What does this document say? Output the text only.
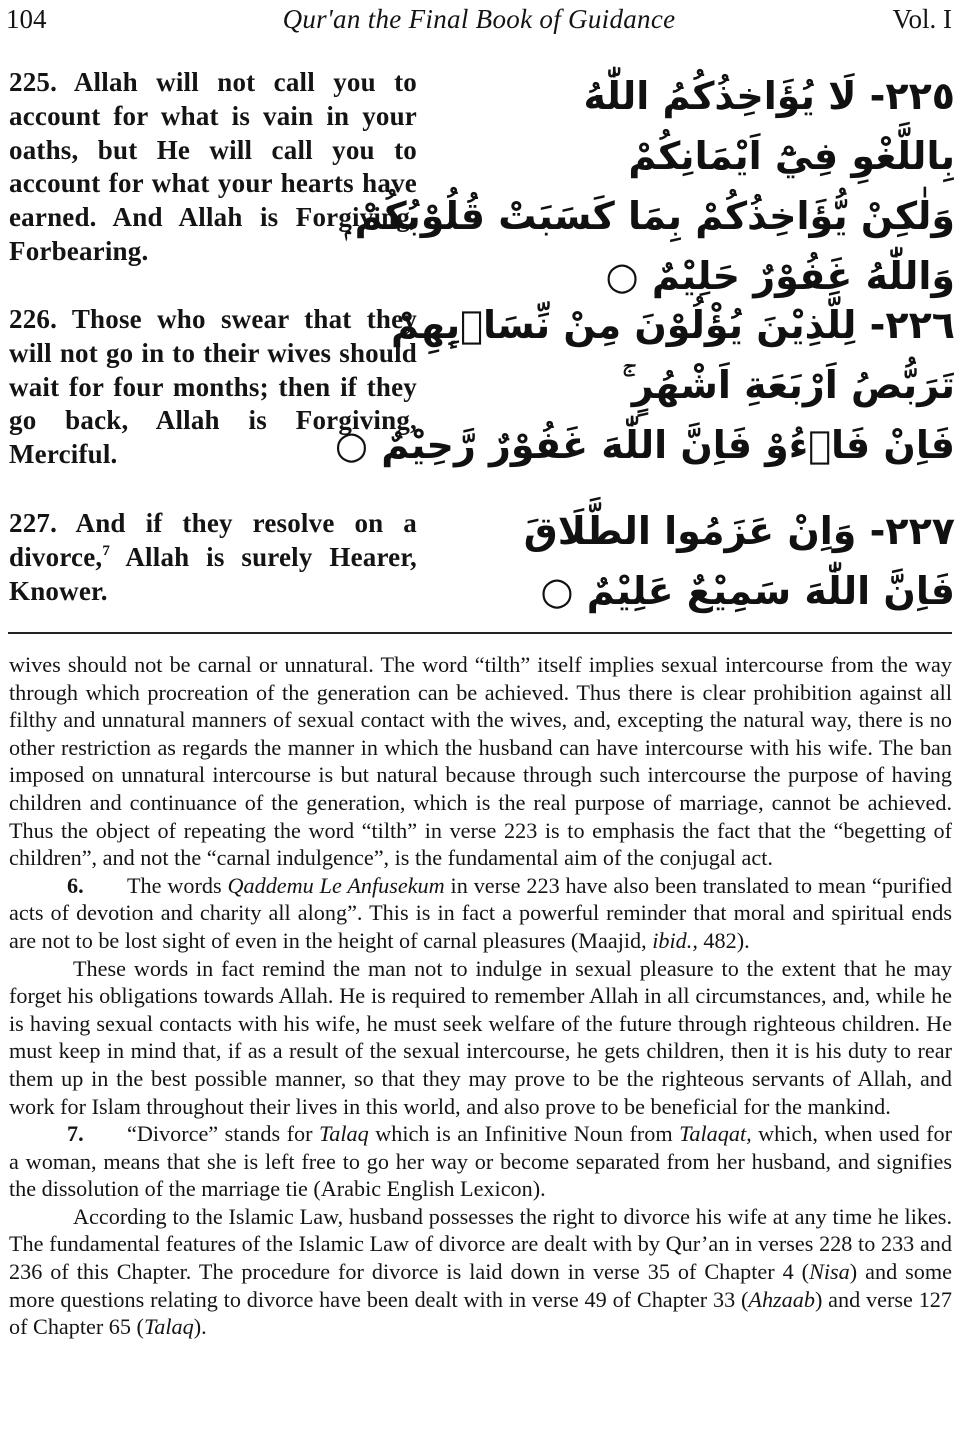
104	Qur'an the Final Book of Guidance	Vol. I
225. Allah will not call you to account for what is vain in your oaths, but He will call you to account for what your hearts have earned. And Allah is Forgiving, Forbearing.
٢٢٥- لَا يُؤَاخِذُكُمُ اللّٰهُ
بِاللَّغْوِ فِيْٓ اَيْمَانِكُمْ
وَلٰكِنْ يُّؤَاخِذُكُمْ بِمَا كَسَبَتْ قُلُوْبُكُمْ ۭ
وَاللّٰهُ غَفُوْرٌ حَلِيْمٌ ○
226. Those who swear that they will not go in to their wives should wait for four months; then if they go back, Allah is Forgiving, Merciful.
٢٢٦- لِلَّذِيْنَ يُؤْلُوْنَ مِنْ نِّسَاۗىِٕهِمْ
تَرَبُّصُ اَرْبَعَةِ اَشْهُرٍ ۚ
فَاِنْ فَاۗءُوْ فَاِنَّ اللّٰهَ غَفُوْرٌ رَّحِيْمٌ ○
227. And if they resolve on a divorce,$^7$ Allah is surely Hearer, Knower.
٢٢٧- وَاِنْ عَزَمُوا الطَّلَاقَ
فَاِنَّ اللّٰهَ سَمِيْعٌ عَلِيْمٌ ○

wives should not be carnal or unnatural. The word “tilth” itself implies sexual intercourse from the way through which procreation of the generation can be achieved. Thus there is clear prohibition against all filthy and unnatural manners of sexual contact with the wives, and, excepting the natural way, there is no other restriction as regards the manner in which the husband can have intercourse with his wife. The ban imposed on unnatural intercourse is but natural because through such intercourse the purpose of having children and continuance of the generation, which is the real purpose of marriage, cannot be achieved. Thus the object of repeating the word “tilth” in verse 223 is to emphasis the fact that the “begetting of children”, and not the “carnal indulgence”, is the fundamental aim of the conjugal act.

6. The words Qaddemu Le Anfusekum in verse 223 have also been translated to mean “purified acts of devotion and charity all along”. This is in fact a powerful reminder that moral and spiritual ends are not to be lost sight of even in the height of carnal pleasures (Maajid, ibid., 482).

These words in fact remind the man not to indulge in sexual pleasure to the extent that he may forget his obligations towards Allah. He is required to remember Allah in all circumstances, and, while he is having sexual contacts with his wife, he must seek welfare of the future through righteous children. He must keep in mind that, if as a result of the sexual intercourse, he gets children, then it is his duty to rear them up in the best possible manner, so that they may prove to be the righteous servants of Allah, and work for Islam throughout their lives in this world, and also prove to be beneficial for the mankind.

7. “Divorce” stands for Talaq which is an Infinitive Noun from Talaqat, which, when used for a woman, means that she is left free to go her way or become separated from her husband, and signifies the dissolution of the marriage tie (Arabic English Lexicon).

According to the Islamic Law, husband possesses the right to divorce his wife at any time he likes. The fundamental features of the Islamic Law of divorce are dealt with by Qur’an in verses 228 to 233 and 236 of this Chapter. The procedure for divorce is laid down in verse 35 of Chapter 4 (Nisa) and some more questions relating to divorce have been dealt with in verse 49 of Chapter 33 (Ahzaab) and verse 127 of Chapter 65 (Talaq).
